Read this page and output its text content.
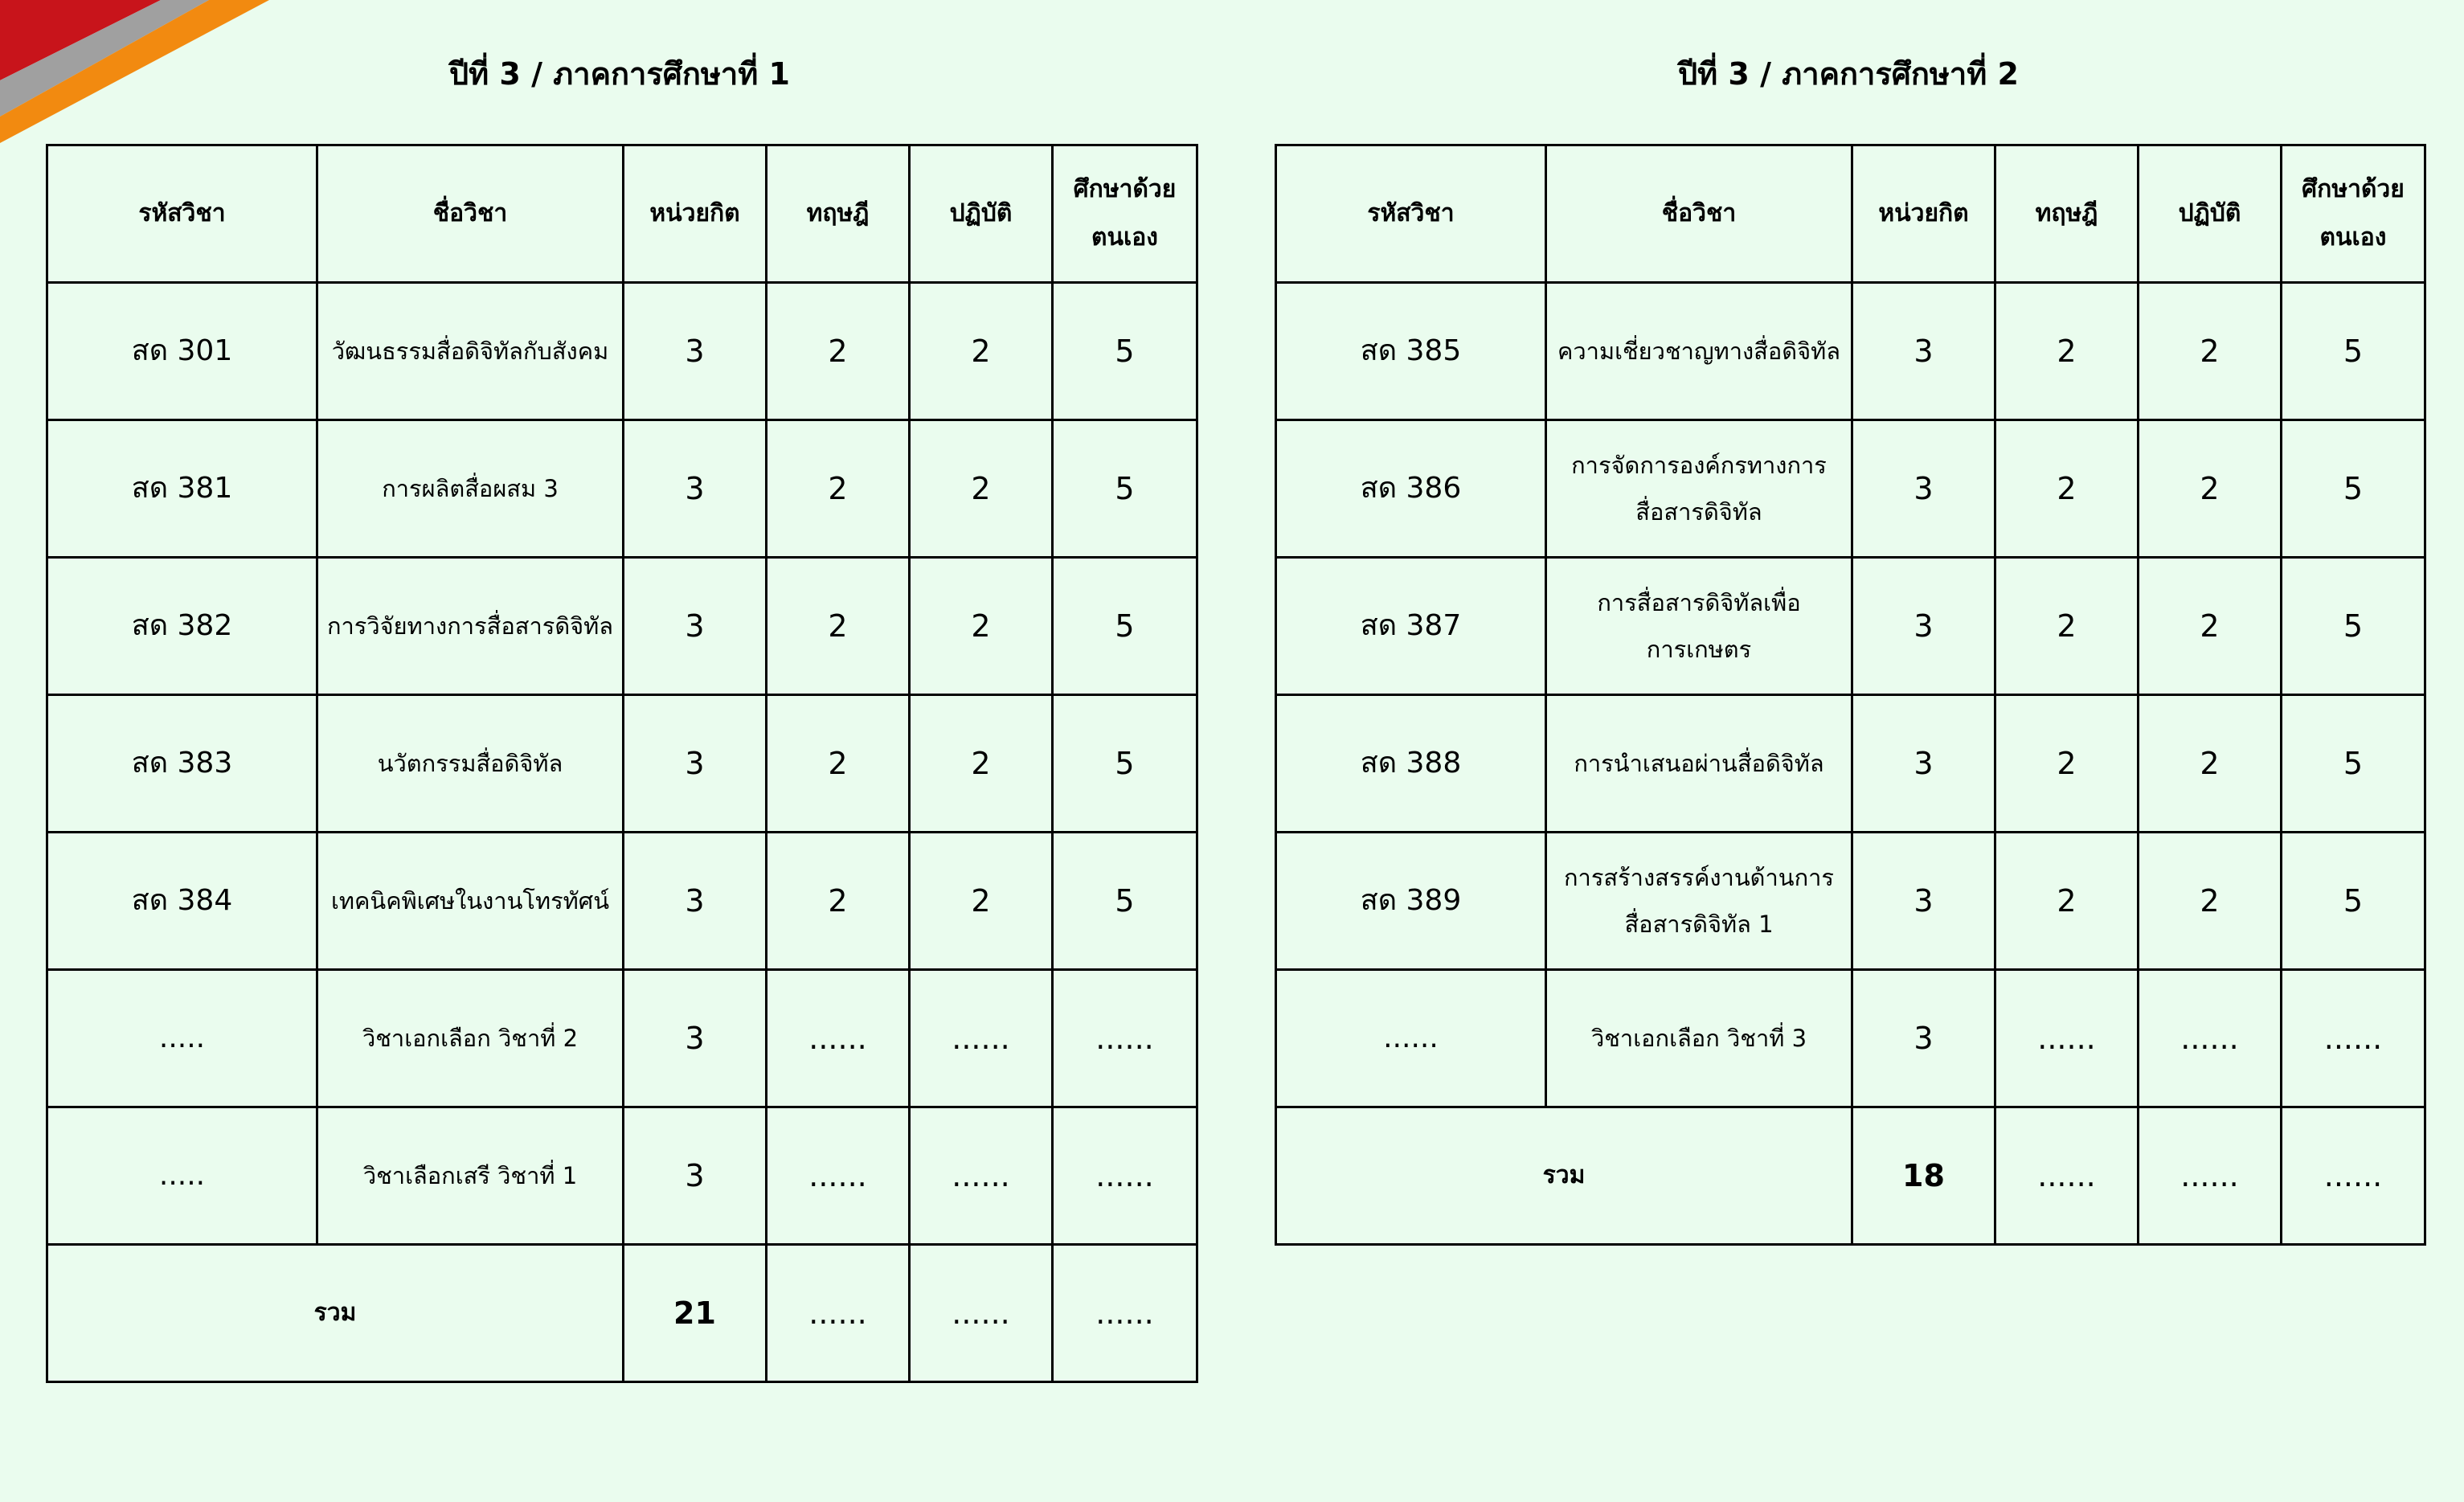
ปีที่ 3 / ภาคการศึกษาที่ 1
รหัสวิชา	ชื่อวิชา	หน่วยกิต	ทฤษฎี	ปฏิบัติ	ศึกษาด้วย
ตนเอง
สด 301	วัฒนธรรมสื่อดิจิทัลกับสังคม	3	2	2	5
สด 381	การผลิตสื่อผสม 3	3	2	2	5
สด 382	การวิจัยทางการสื่อสารดิจิทัล	3	2	2	5
สด 383	นวัตกรรมสื่อดิจิทัล	3	2	2	5
สด 384	เทคนิคพิเศษในงานโทรทัศน์	3	2	2	5
.....	วิชาเอกเลือก วิชาที่ 2	3	......	......	......
.....	วิชาเลือกเสรี วิชาที่ 1	3	......	......	......
รวม		21	......	......	......
ปีที่ 3 / ภาคการศึกษาที่ 2
รหัสวิชา	ชื่อวิชา	หน่วยกิต	ทฤษฎี	ปฏิบัติ	ศึกษาด้วย
ตนเอง
สด 385	ความเชี่ยวชาญทางสื่อดิจิทัล	3	2	2	5
สด 386	การจัดการองค์กรทางการสื่อสารดิจิทัล	3	2	2	5
สด 387	การสื่อสารดิจิทัลเพื่อการเกษตร	3	2	2	5
สด 388	การนำเสนอผ่านสื่อดิจิทัล	3	2	2	5
สด 389	การสร้างสรรค์งานด้านการสื่อสารดิจิทัล 1	3	2	2	5
......	วิชาเอกเลือก วิชาที่ 3	3	......	......	......
รวม		18	......	......	......
